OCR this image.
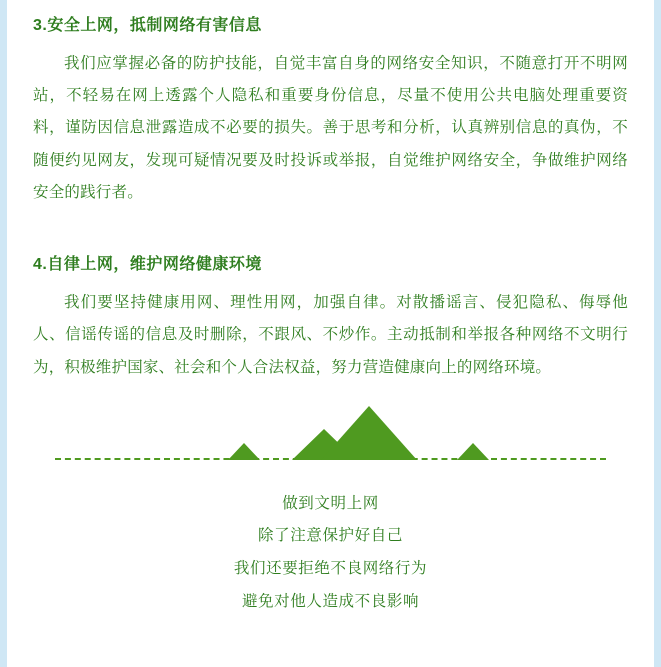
3.安全上网，抵制网络有害信息

我们应掌握必备的防护技能，自觉丰富自身的网络安全知识，不随意打开不明网站，不轻易在网上透露个人隐私和重要身份信息，尽量不使用公共电脑处理重要资料，谨防因信息泄露造成不必要的损失。善于思考和分析，认真辨别信息的真伪，不随便约见网友，发现可疑情况要及时投诉或举报，自觉维护网络安全，争做维护网络安全的践行者。

4.自律上网，维护网络健康环境

我们要坚持健康用网、理性用网，加强自律。对散播谣言、侵犯隐私、侮辱他人、信谣传谣的信息及时删除，不跟风、不炒作。主动抵制和举报各种网络不文明行为，积极维护国家、社会和个人合法权益，努力营造健康向上的网络环境。

做到文明上网
除了注意保护好自己
我们还要拒绝不良网络行为
避免对他人造成不良影响
